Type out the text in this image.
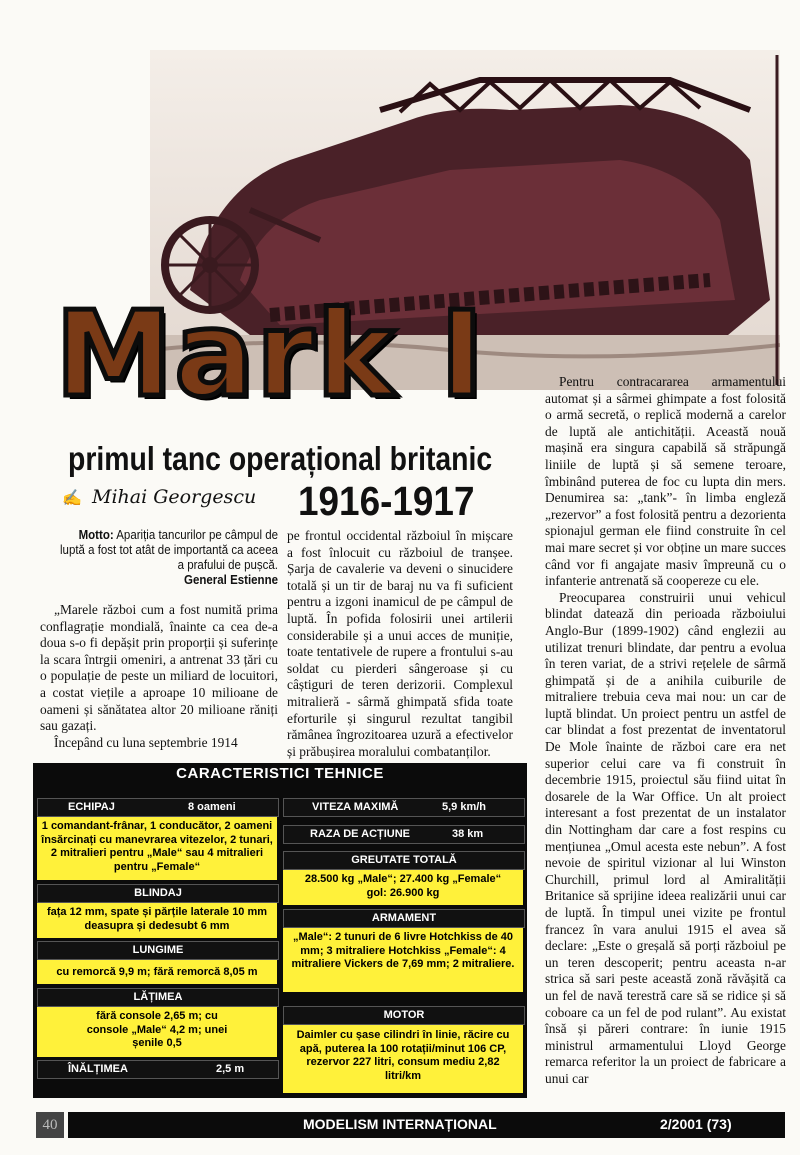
Mark I
primul tanc operațional britanic
✍ Mihai Georgescu 1916-1917
Motto: Apariția tancurilor pe câmpul de luptă a fost tot atât de importantă ca aceea a prafului de pușcă.
General Estienne

„Marele război cum a fost numită prima conflagrație mondială, înainte ca cea de-a doua s-o fi depășit prin proporții și suferințe la scara întrgii omeniri, a antrenat 33 țări cu o populație de peste un miliard de locuitori, a costat viețile a aproape 10 milioane de oameni și sănătatea altor 20 milioane răniți sau gazați.

Începând cu luna septembrie 1914

pe frontul occidental războiul în mișcare a fost înlocuit cu războiul de tranșee. Șarja de cavalerie va deveni o sinucidere totală și un tir de baraj nu va fi suficient pentru a izgoni inamicul de pe câmpul de luptă. În pofida folosirii unei artilerii considerabile și a unui acces de muniție, toate tentativele de rupere a frontului s-au soldat cu pierderi sângeroase și cu câștiguri de teren derizorii. Complexul mitralieră - sârmă ghimpată sfida toate eforturile și singurul rezultat tangibil rămânea îngrozitoarea uzură a efectivelor și prăbușirea moralului combatanților.

Pentru contracararea armamentului automat și a sârmei ghimpate a fost folosită o armă secretă, o replică modernă a carelor de luptă ale antichității. Această nouă mașină era singura capabilă să străpungă liniile de luptă și să semene teroare, îmbinând puterea de foc cu lupta din mers. Denumirea sa: „tank”- în limba engleză „rezervor” a fost folosită pentru a dezorienta spionajul german ele fiind construite în cel mai mare secret și vor obține un mare succes când vor fi angajate masiv împreună cu o infanterie antrenată să coopereze cu ele.

Preocuparea construirii unui vehicul blindat datează din perioada războiului Anglo-Bur (1899-1902) când englezii au utilizat trenuri blindate, dar pentru a evolua în teren variat, de a strivi rețelele de sârmă ghimpată și de a anihila cuiburile de mitraliere trebuia ceva mai nou: un car de luptă blindat. Un proiect pentru un astfel de car blindat a fost prezentat de inventatorul De Mole înainte de război care era net superior celui care va fi construit în decembrie 1915, proiectul său fiind uitat în dosarele de la War Office. Un alt proiect interesant a fost prezentat de un instalator din Nottingham dar care a fost respins cu mențiunea „Omul acesta este nebun”. A fost nevoie de spiritul vizionar al lui Winston Churchill, primul lord al Amiralității Britanice să sprijine ideea realizării unui car de luptă. În timpul unei vizite pe frontul francez în vara anului 1915 el avea să declare: „Este o greșală să porți războiul pe un teren descoperit; pentru aceasta n-ar strica să sari peste această zonă răvășită ca un fel de navă terestră care să se ridice și să coboare ca un fel de pod rulant”. Au existat însă și păreri contrare: în iunie 1915 ministrul armamentului Lloyd George remarca referitor la un proiect de fabricare a unui car

CARACTERISTICI TEHNICE
ECHIPAJ	8 oameni
1 comandant-frânar, 1 conducător, 2 oameni însărcinați cu manevrarea vitezelor, 2 tunari, 2 mitralieri pentru „Male“ sau 4 mitralieri pentru „Female“
BLINDAJ
fața 12 mm, spate și părțile laterale 10 mm deasupra și dedesubt 6 mm
LUNGIME
cu remorcă 9,9 m; fără remorcă 8,05 m
LĂȚIMEA
fără console 2,65 m; cu console „Male“ 4,2 m; unei șenile 0,5
ÎNĂLȚIMEA	2,5 m
VITEZA MAXIMĂ	5,9 km/h
RAZA DE ACȚIUNE	38 km
GREUTATE TOTALĂ
28.500 kg „Male“; 27.400 kg „Female“ gol: 26.900 kg
ARMAMENT
„Male“: 2 tunuri de 6 livre Hotchkiss de 40 mm; 3 mitraliere Hotchkiss „Female“: 4 mitraliere Vickers de 7,69 mm; 2 mitraliere.
MOTOR
Daimler cu șase cilindri în linie, răcire cu apă, puterea la 100 rotații/minut 106 CP, rezervor 227 litri, consum mediu 2,82 litri/km
40	MODELISM INTERNAȚIONAL	2/2001 (73)
